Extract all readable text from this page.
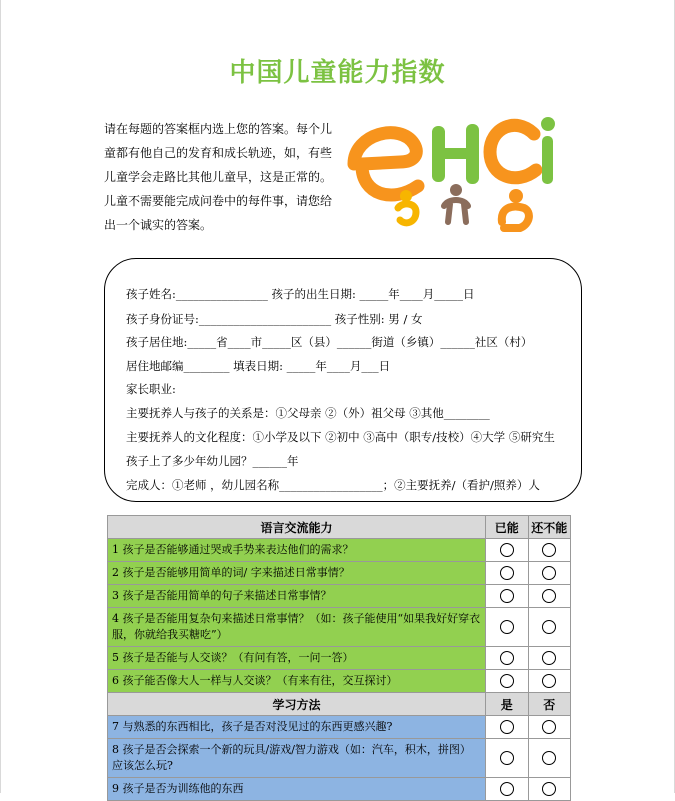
中国儿童能力指数
请在每题的答案框内选上您的答案。每个儿童都有他自己的发育和成长轨迹，如，有些儿童学会走路比其他儿童早，这是正常的。儿童不需要能完成问卷中的每件事，请您给出一个诚实的答案。
孩子姓名:________________ 孩子的出生日期: _____年____月_____日
孩子身份证号:_______________________ 孩子性别: 男 / 女
孩子居住地:_____省____市_____区（县）______街道（乡镇）______社区（村）
居住地邮编________ 填表日期: _____年____月___日
家长职业:
主要抚养人与孩子的关系是：①父母亲 ②（外）祖父母 ③其他________
主要抚养人的文化程度：①小学及以下 ②初中 ③高中（职专/技校）④大学 ⑤研究生
孩子上了多少年幼儿园？______年
完成人：①老师 ，幼儿园名称__________________；②主要抚养/（看护/照养）人
语言交流能力	已能	还不能
1 孩子是否能够通过哭或手势来表达他们的需求？		
2 孩子是否能够用简单的词/ 字来描述日常事情？		
3 孩子是否能用简单的句子来描述日常事情？		
4 孩子是否能用复杂句来描述日常事情？（如：孩子能使用“如果我好好穿衣服，你就给我买糖吃”）		
5 孩子是否能与人交谈？（有问有答，一问一答）		
6 孩子能否像大人一样与人交谈？（有来有往，交互探讨）		
学习方法	是	否
7 与熟悉的东西相比，孩子是否对没见过的东西更感兴趣?		
8 孩子是否会探索一个新的玩具/游戏/智力游戏（如：汽车，积木，拼图）应该怎么玩?		
9 孩子是否为训练他的东西		
